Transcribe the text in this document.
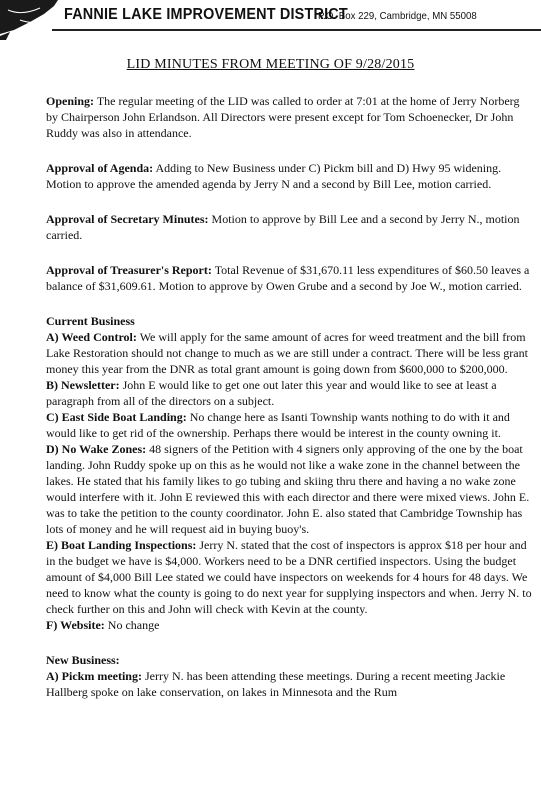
FANNIE LAKE IMPROVEMENT DISTRICT
P.O. Box 229, Cambridge, MN 55008
LID MINUTES FROM MEETING OF 9/28/2015

Opening: The regular meeting of the LID was called to order at 7:01 at the home of Jerry Norberg by Chairperson John Erlandson. All Directors were present except for Tom Schoenecker, Dr John Ruddy was also in attendance.

Approval of Agenda: Adding to New Business under C) Pickm bill and D) Hwy 95 widening. Motion to approve the amended agenda by Jerry N and a second by Bill Lee, motion carried.

Approval of Secretary Minutes: Motion to approve by Bill Lee and a second by Jerry N., motion carried.

Approval of Treasurer's Report: Total Revenue of $31,670.11 less expenditures of $60.50 leaves a balance of $31,609.61. Motion to approve by Owen Grube and a second by Joe W., motion carried.

Current Business

A) Weed Control: We will apply for the same amount of acres for weed treatment and the bill from Lake Restoration should not change to much as we are still under a contract. There will be less grant money this year from the DNR as total grant amount is going down from $600,000 to $200,000.

B) Newsletter: John E would like to get one out later this year and would like to see at least a paragraph from all of the directors on a subject.

C) East Side Boat Landing: No change here as Isanti Township wants nothing to do with it and would like to get rid of the ownership. Perhaps there would be interest in the county owning it.

D) No Wake Zones: 48 signers of the Petition with 4 signers only approving of the one by the boat landing. John Ruddy spoke up on this as he would not like a wake zone in the channel between the lakes. He stated that his family likes to go tubing and skiing thru there and having a no wake zone would interfere with it. John E reviewed this with each director and there were mixed views. John E. was to take the petition to the county coordinator. John E. also stated that Cambridge Township has lots of money and he will request aid in buying buoy's.

E) Boat Landing Inspections: Jerry N. stated that the cost of inspectors is approx $18 per hour and in the budget we have is $4,000. Workers need to be a DNR certified inspectors. Using the budget amount of $4,000 Bill Lee stated we could have inspectors on weekends for 4 hours for 48 days. We need to know what the county is going to do next year for supplying inspectors and when. Jerry N. to check further on this and John will check with Kevin at the county.

F) Website: No change

New Business:

A) Pickm meeting: Jerry N. has been attending these meetings. During a recent meeting Jackie Hallberg spoke on lake conservation, on lakes in Minnesota and the Rum
